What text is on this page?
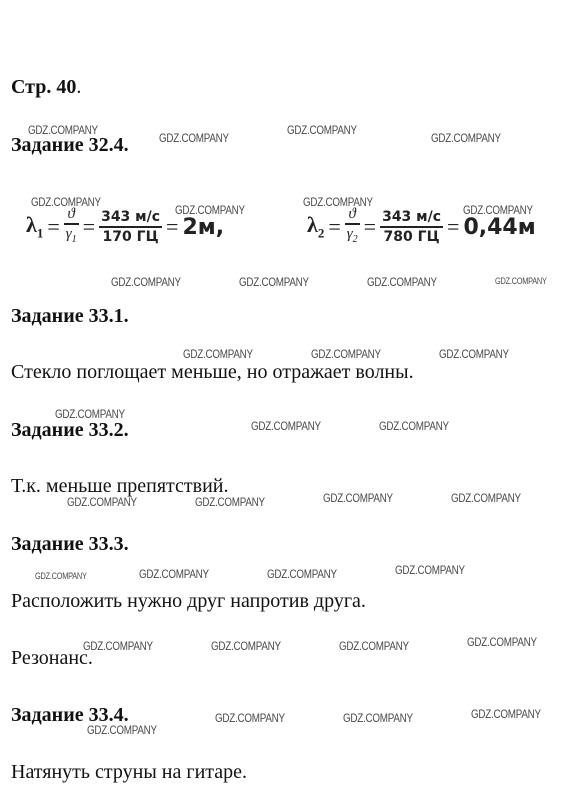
Стр. 40.
Задание 32.4.
$\lambda_1 = \frac{ϑ}{\gamma_1} = \frac{343 м/с}{170 ГЦ} = 2м$,	$\lambda_2 = \frac{ϑ}{\gamma_2} = \frac{343 м/с}{780 ГЦ} = 0,44м$
Задание 33.1.
Стекло поглощает меньше, но отражает волны.
Задание 33.2.
Т.к. меньше препятствий.
Задание 33.3.
Расположить нужно друг напротив друга.
Резонанс.
Задание 33.4.
Натянуть струны на гитаре.
GDZ.COMPANY
GDZ.COMPANY
GDZ.COMPANY
GDZ.COMPANY
GDZ.COMPANY
GDZ.COMPANY
GDZ.COMPANY
GDZ.COMPANY
GDZ.COMPANY	GDZ.COMPANY	GDZ.COMPANY	GDZ.COMPANY
GDZ.COMPANY	GDZ.COMPANY	GDZ.COMPANY
GDZ.COMPANY
GDZ.COMPANY	GDZ.COMPANY
GDZ.COMPANY	GDZ.COMPANY	GDZ.COMPANY	GDZ.COMPANY
GDZ.COMPANY	GDZ.COMPANY	GDZ.COMPANY	GDZ.COMPANY
GDZ.COMPANY	GDZ.COMPANY	GDZ.COMPANY	GDZ.COMPANY
GDZ.COMPANY
GDZ.COMPANY	GDZ.COMPANY	GDZ.COMPANY
